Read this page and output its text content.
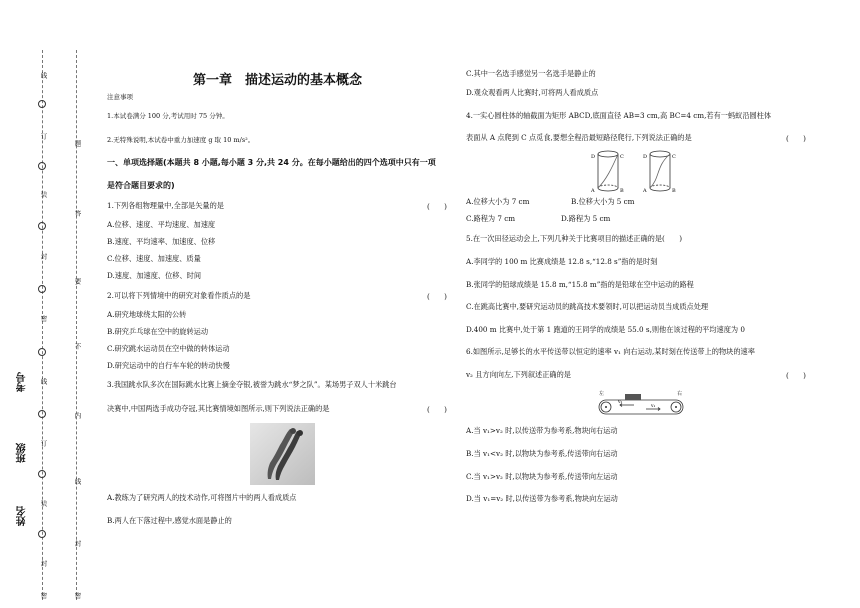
线
订
装
封
密
线
订
装
封
密
题
答
要
不
内
线
封
密
考号
班级
姓名
第一章　描述运动的基本概念
注意事项
1.本试卷满分 100 分,考试用时 75 分钟。
2.无特殊说明,本试卷中重力加速度 g 取 10 m/s²。
一、单项选择题(本题共 8 小题,每小题 3 分,共 24 分。在每小题给出的四个选项中只有一项
是符合题目要求的)
1.下列各组物理量中,全部是矢量的是	(　　)
A.位移、速度、平均速度、加速度
B.速度、平均速率、加速度、位移
C.位移、速度、加速度、质量
D.速度、加速度、位移、时间
2.可以将下列情境中的研究对象看作质点的是	(　　)
A.研究地球绕太阳的公转
B.研究乒乓球在空中的旋转运动
C.研究跳水运动员在空中做的转体运动
D.研究运动中的自行车车轮的转动快慢
3.我国跳水队多次在国际跳水比赛上摘金夺银,被誉为跳水“梦之队”。某场男子双人十米跳台
决赛中,中国两选手成功夺冠,其比赛情境如图所示,则下列说法正确的是	(　　)
A.教练为了研究两人的技术动作,可将图片中的两人看成质点
B.两人在下落过程中,感觉水面是静止的
C.其中一名选手感觉另一名选手是静止的
D.观众观看两人比赛时,可将两人看成质点
4.一实心圆柱体的轴截面为矩形 ABCD,底面直径 AB=3 cm,高 BC=4 cm,若有一蚂蚁沿圆柱体
表面从 A 点爬到 C 点觅食,要想全程沿最短路径爬行,下列说法正确的是	(　　)
D	C
A	B
D	C
A	B
A.位移大小为 7 cm	B.位移大小为 5 cm
C.路程为 7 cm	D.路程为 5 cm
5.在一次田径运动会上,下列几种关于比赛项目的描述正确的是(　　)
A.李同学的 100 m 比赛成绩是 12.8 s,“12.8 s”指的是时刻
B.张同学的铅球成绩是 15.8 m,“15.8 m”指的是铅球在空中运动的路程
C.在跳高比赛中,要研究运动员的跳高技术要领时,可以把运动员当成质点处理
D.400 m 比赛中,处于第 1 跑道的王同学的成绩是 55.0 s,则他在该过程的平均速度为 0
6.如图所示,足够长的水平传送带以恒定的速率 v₁ 向右运动,某时刻在传送带上的物块的速率
v₂ 且方向向左,下列叙述正确的是	(　　)
左	右
v₂
v₁
A.当 v₁>v₂ 时,以传送带为参考系,物块向右运动
B.当 v₁<v₂ 时,以物块为参考系,传送带向右运动
C.当 v₁>v₂ 时,以物块为参考系,传送带向左运动
D.当 v₁=v₂ 时,以传送带为参考系,物块向左运动
